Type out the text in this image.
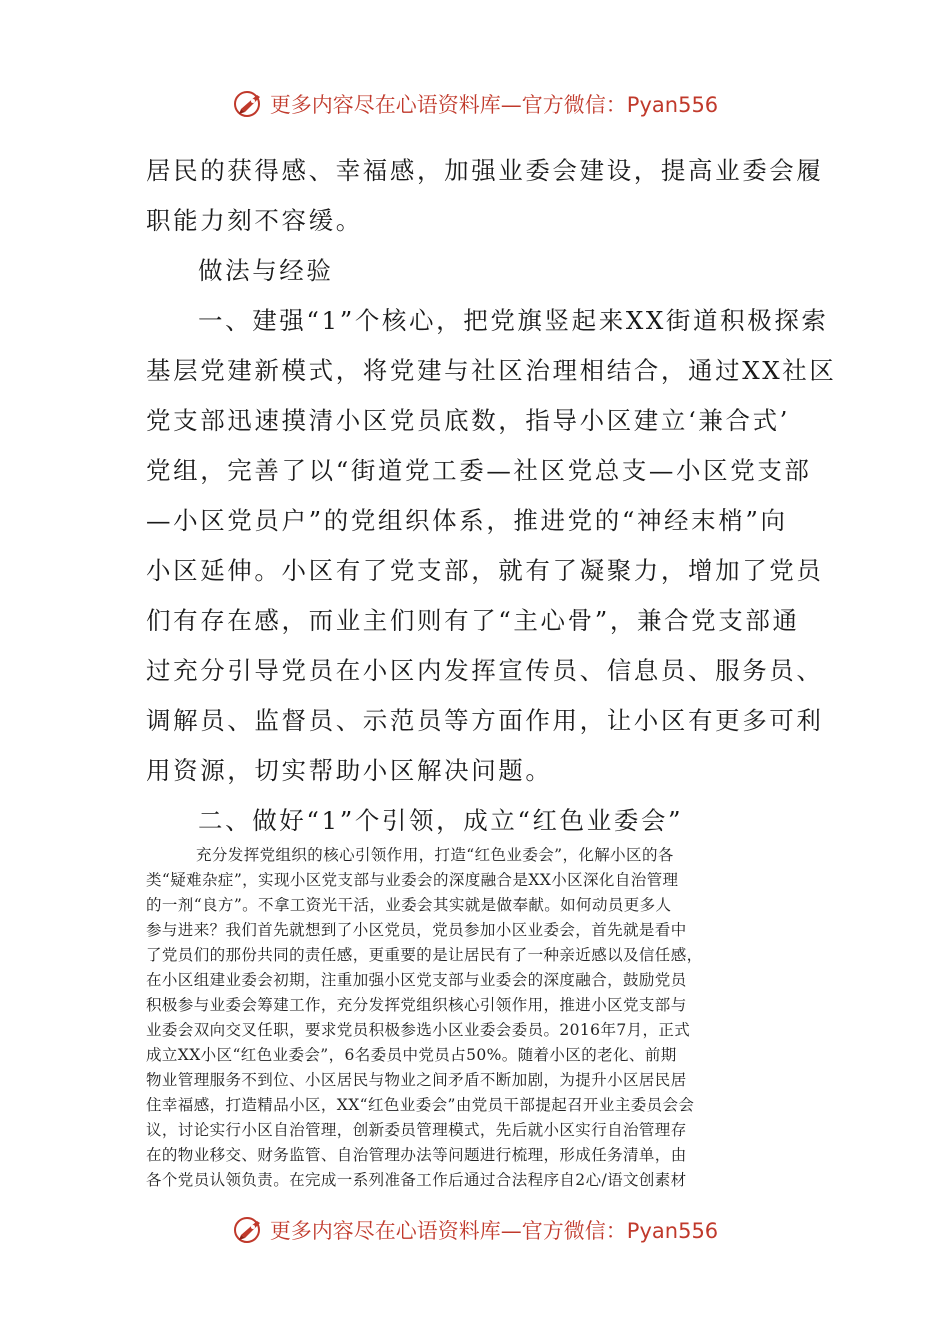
更多内容尽在心语资料库—官方微信：Pyan556

居民的获得感、幸福感，加强业委会建设，提高业委会履

职能力刻不容缓。

做法与经验

一、建强“1”个核心，把党旗竖起来XX街道积极探索

基层党建新模式，将党建与社区治理相结合，通过XX社区

党支部迅速摸清小区党员底数，指导小区建立‘兼合式’

党组，完善了以“街道党工委—社区党总支—小区党支部

—小区党员户”的党组织体系，推进党的“神经末梢”向

小区延伸。小区有了党支部，就有了凝聚力，增加了党员

们有存在感，而业主们则有了“主心骨”，兼合党支部通

过充分引导党员在小区内发挥宣传员、信息员、服务员、

调解员、监督员、示范员等方面作用，让小区有更多可利

用资源，切实帮助小区解决问题。

二、做好“1”个引领，成立“红色业委会”

充分发挥党组织的核心引领作用，打造“红色业委会”，化解小区的各

类“疑难杂症”，实现小区党支部与业委会的深度融合是XX小区深化自治管理

的一剂“良方”。不拿工资光干活，业委会其实就是做奉献。如何动员更多人

参与进来？我们首先就想到了小区党员，党员参加小区业委会，首先就是看中

了党员们的那份共同的责任感，更重要的是让居民有了一种亲近感以及信任感，

在小区组建业委会初期，注重加强小区党支部与业委会的深度融合，鼓励党员

积极参与业委会筹建工作，充分发挥党组织核心引领作用，推进小区党支部与

业委会双向交叉任职，要求党员积极参选小区业委会委员。2016年7月，正式

成立XX小区“红色业委会”，6名委员中党员占50%。随着小区的老化、前期

物业管理服务不到位、小区居民与物业之间矛盾不断加剧，为提升小区居民居

住幸福感，打造精品小区，XX“红色业委会”由党员干部提起召开业主委员会会

议，讨论实行小区自治管理，创新委员管理模式，先后就小区实行自治管理存

在的物业移交、财务监管、自治管理办法等问题进行梳理，形成任务清单，由

各个党员认领负责。在完成一系列准备工作后通过合法程序自2心/语文创素材

更多内容尽在心语资料库—官方微信：Pyan556
